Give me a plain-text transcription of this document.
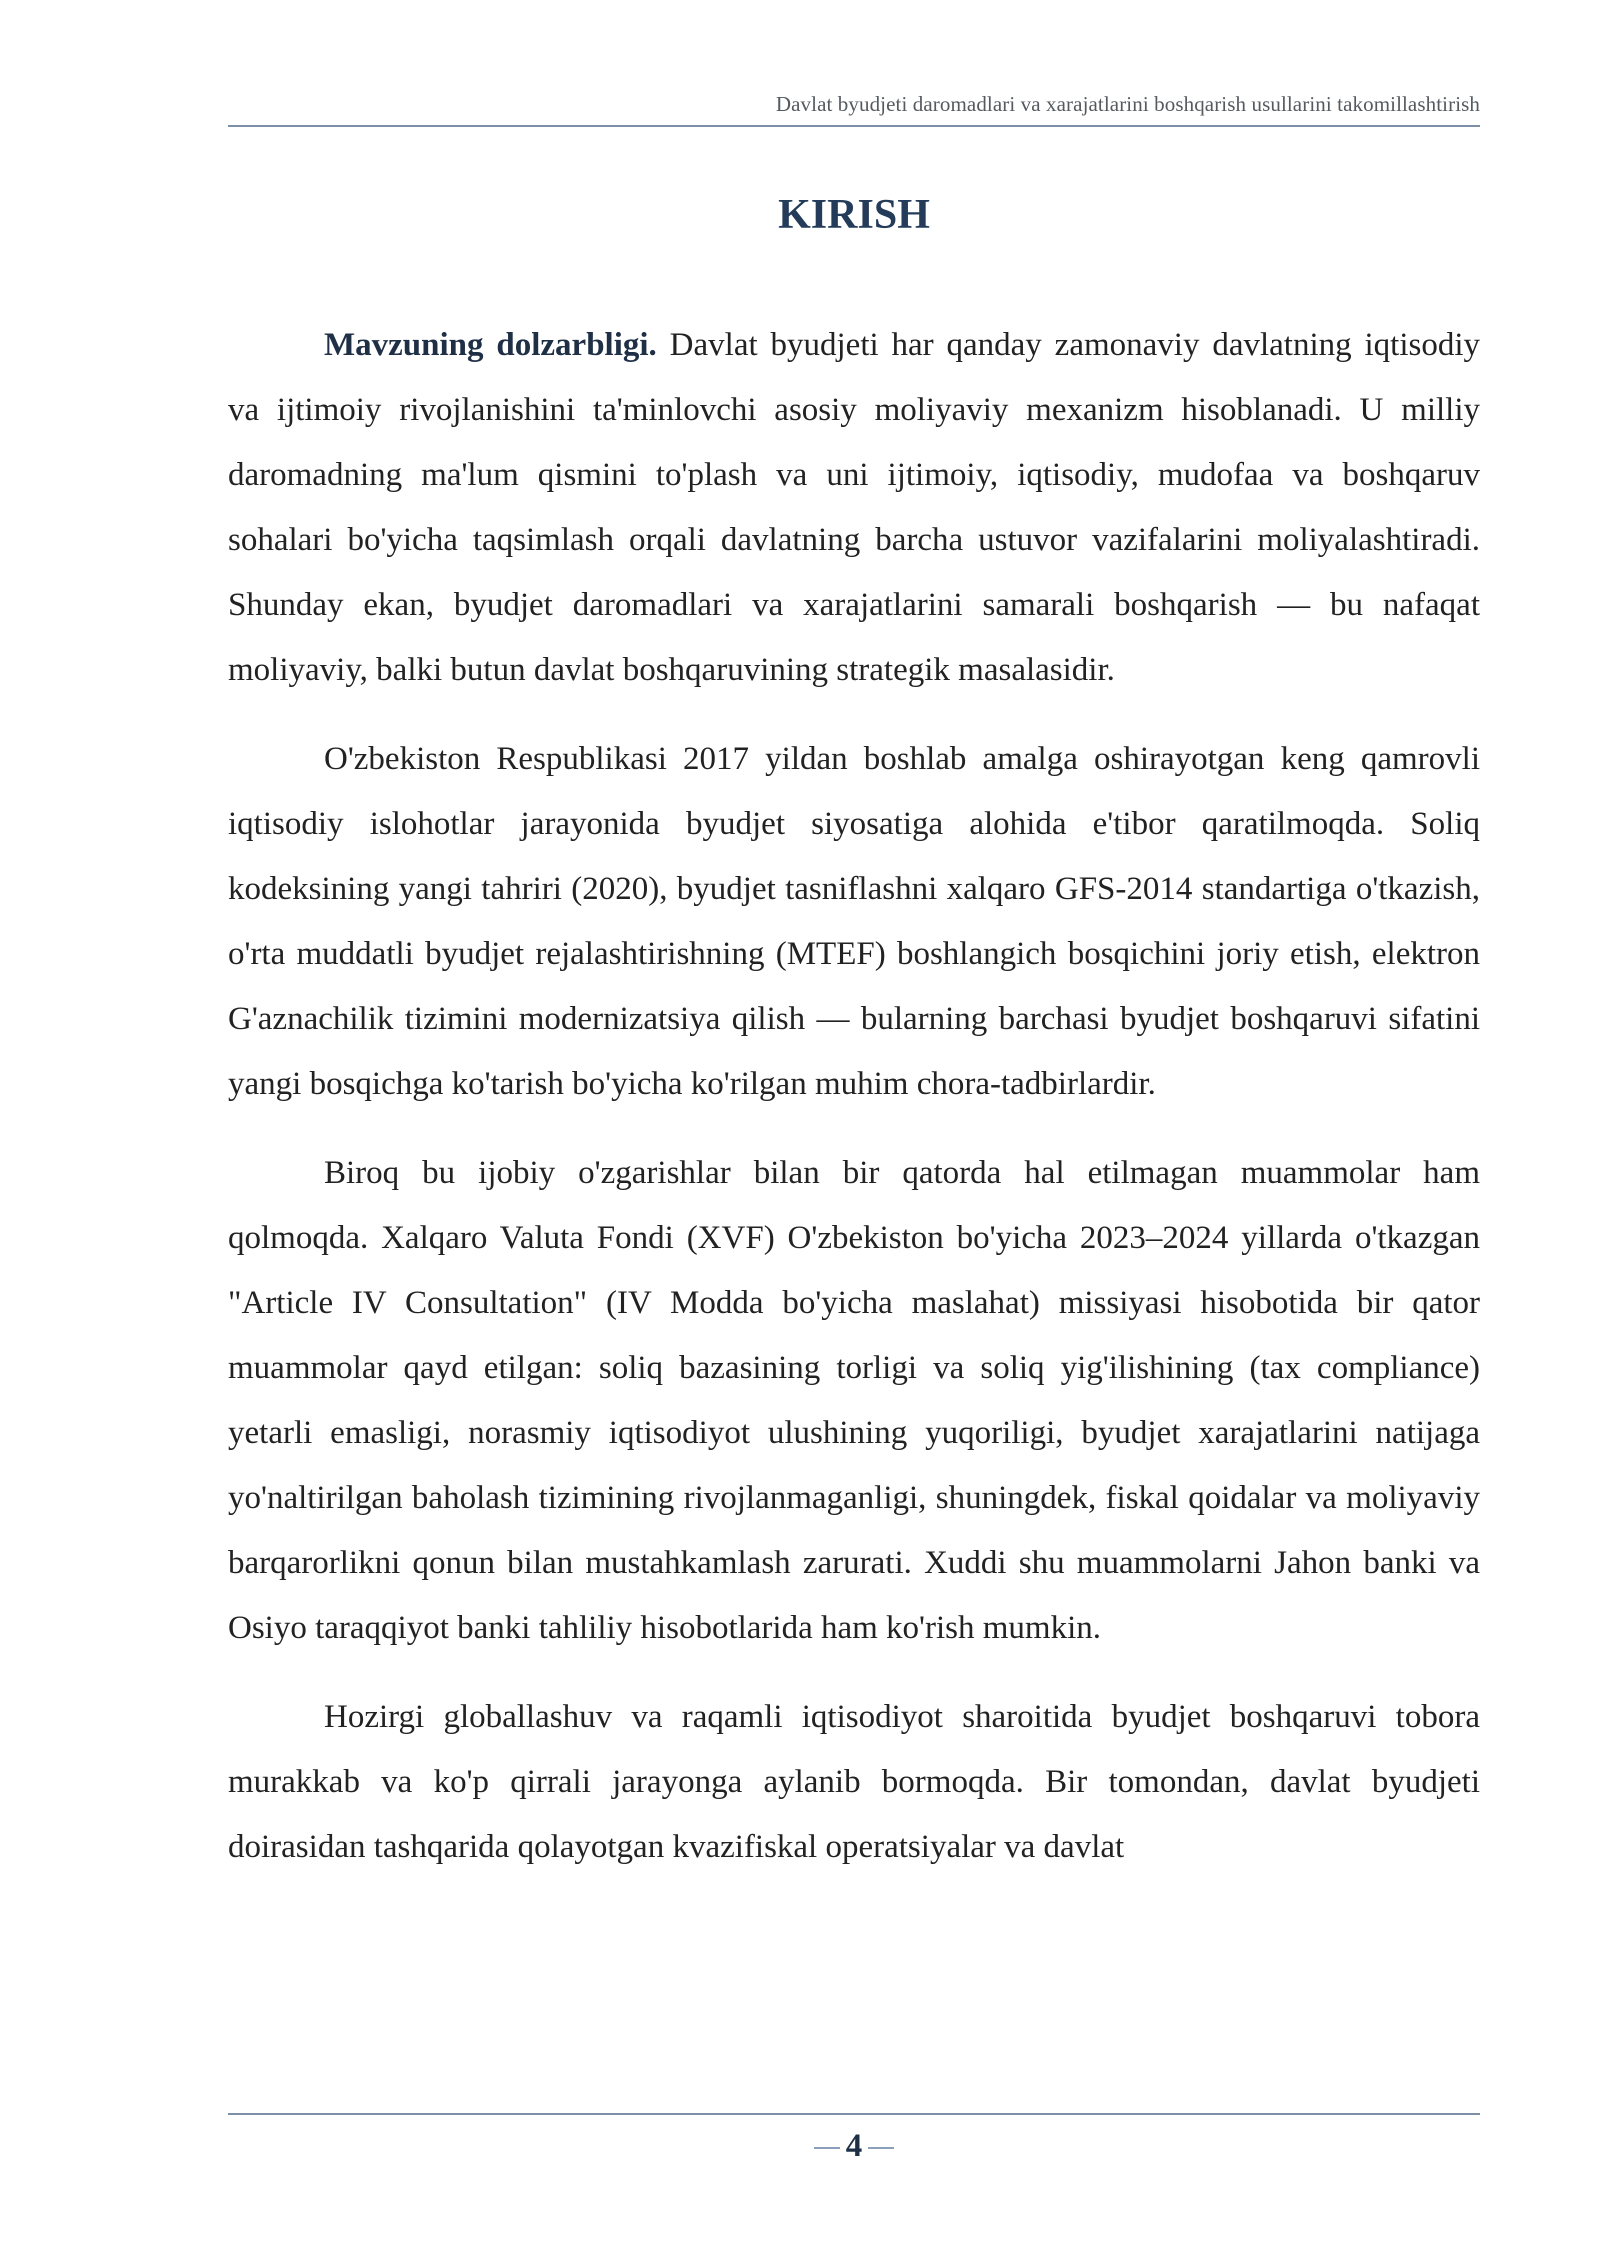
Davlat byudjeti daromadlari va xarajatlarini boshqarish usullarini takomillashtirish
KIRISH

Mavzuning dolzarbligi. Davlat byudjeti har qanday zamonaviy davlatning iqtisodiy va ijtimoiy rivojlanishini ta'minlovchi asosiy moliyaviy mexanizm hisoblanadi. U milliy daromadning ma'lum qismini to'plash va uni ijtimoiy, iqtisodiy, mudofaa va boshqaruv sohalari bo'yicha taqsimlash orqali davlatning barcha ustuvor vazifalarini moliyalashtiradi. Shunday ekan, byudjet daromadlari va xarajatlarini samarali boshqarish — bu nafaqat moliyaviy, balki butun davlat boshqaruvining strategik masalasidir.

O'zbekiston Respublikasi 2017 yildan boshlab amalga oshirayotgan keng qamrovli iqtisodiy islohotlar jarayonida byudjet siyosatiga alohida e'tibor qaratilmoqda. Soliq kodeksining yangi tahriri (2020), byudjet tasniflashni xalqaro GFS-2014 standartiga o'tkazish, o'rta muddatli byudjet rejalashtirishning (MTEF) boshlangich bosqichini joriy etish, elektron G'aznachilik tizimini modernizatsiya qilish — bularning barchasi byudjet boshqaruvi sifatini yangi bosqichga ko'tarish bo'yicha ko'rilgan muhim chora-tadbirlardir.

Biroq bu ijobiy o'zgarishlar bilan bir qatorda hal etilmagan muammolar ham qolmoqda. Xalqaro Valuta Fondi (XVF) O'zbekiston bo'yicha 2023–2024 yillarda o'tkazgan "Article IV Consultation" (IV Modda bo'yicha maslahat) missiyasi hisobotida bir qator muammolar qayd etilgan: soliq bazasining torligi va soliq yig'ilishining (tax compliance) yetarli emasligi, norasmiy iqtisodiyot ulushining yuqoriligi, byudjet xarajatlarini natijaga yo'naltirilgan baholash tizimining rivojlanmaganligi, shuningdek, fiskal qoidalar va moliyaviy barqarorlikni qonun bilan mustahkamlash zarurati. Xuddi shu muammolarni Jahon banki va Osiyo taraqqiyot banki tahliliy hisobotlarida ham ko'rish mumkin.

Hozirgi globallashuv va raqamli iqtisodiyot sharoitida byudjet boshqaruvi tobora murakkab va ko'p qirrali jarayonga aylanib bormoqda. Bir tomondan, davlat byudjeti doirasidan tashqarida qolayotgan kvazifiskal operatsiyalar va davlat

4
